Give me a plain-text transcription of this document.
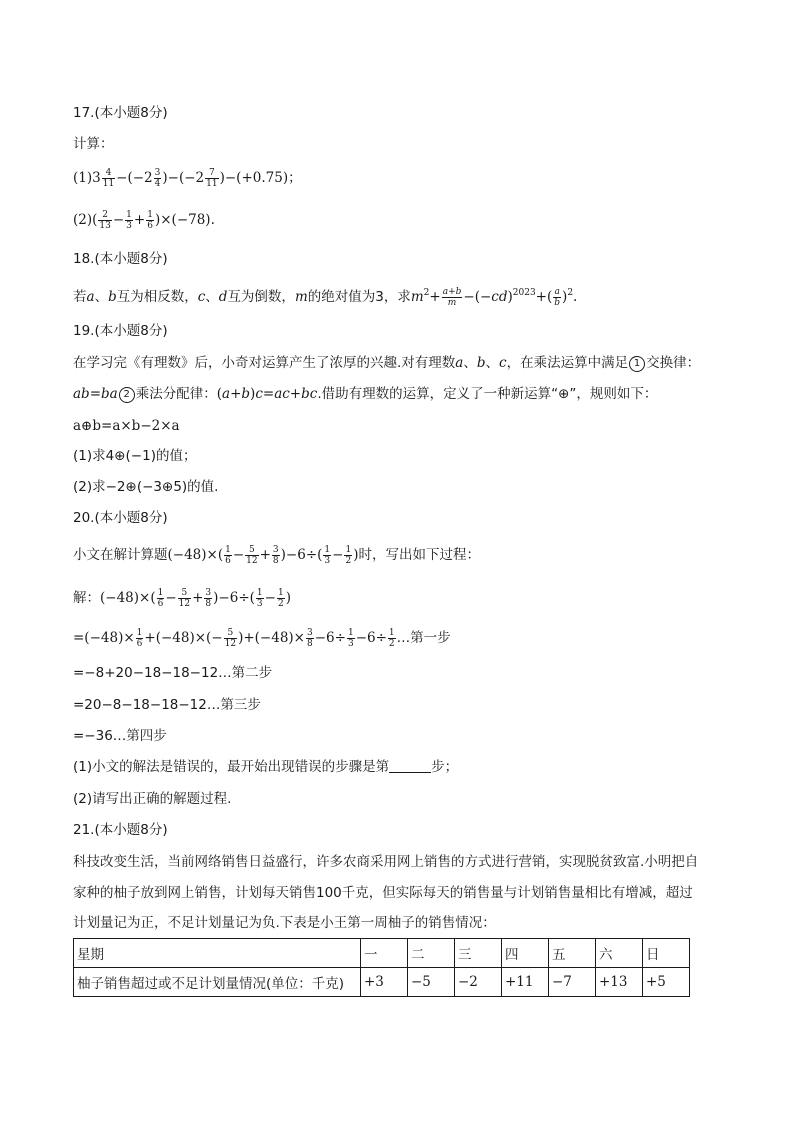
17.(本小题8分)
计算：
$(1)3 \frac{4}{11} -(-2 \frac{3}{4} )-(-2 \frac{7}{11} )-(+0.75)$；
$(2)( \frac{2}{13} - \frac{1}{3} + \frac{1}{6} )\times(-78)$.
18.(本小题8分)
若a、b互为相反数，c、d互为倒数，m的绝对值为3，求$m^2+ \frac{a+b}{m} -(-cd)^{2023}+( \frac{a}{b} )^2$.
19.(本小题8分)
在学习完《有理数》后，小奇对运算产生了浓厚的兴趣.对有理数a、b、c，在乘法运算中满足 1 交换律：
ab=ba 2 乘法分配律：(a+b)c=ac+bc.借助有理数的运算，定义了一种新运算“⊕”，规则如下：
a⊕b=a×b−2×a
(1)求4⊕(−1)的值；
(2)求−2⊕(−3⊕5)的值.
20.(本小题8分)
小文在解计算题$(-48)\times( \frac{1}{6} - \frac{5}{12} + \frac{3}{8} )-6\div( \frac{1}{3} - \frac{1}{2}$ )时，写出如下过程：
解：$(-48)\times( \frac{1}{6} - \frac{5}{12} + \frac{3}{8} )-6\div( \frac{1}{3} - \frac{1}{2}$ )
$=(-48)\times \frac{1}{6} +(-48)\times(- \frac{5}{12} )+(-48)\times \frac{3}{8} -6\div \frac{1}{3} -6\div \frac{1}{2}$ …第一步
=−8+20−18−18−12…第二步
=20−8−18−18−12…第三步
=−36…第四步
(1)小文的解法是错误的，最开始出现错误的步骤是第	步；
(2)请写出正确的解题过程.
21.(本小题8分)
科技改变生活，当前网络销售日益盛行，许多农商采用网上销售的方式进行营销，实现脱贫致富.小明把自
家种的柚子放到网上销售，计划每天销售100千克，但实际每天的销售量与计划销售量相比有增减，超过
计划量记为正，不足计划量记为负.下表是小王第一周柚子的销售情况：
星期	一	二	三	四	五	六	日
柚子销售超过或不足计划量情况(单位：千克)	+3	−5	−2	+11	−7	+13	+5
